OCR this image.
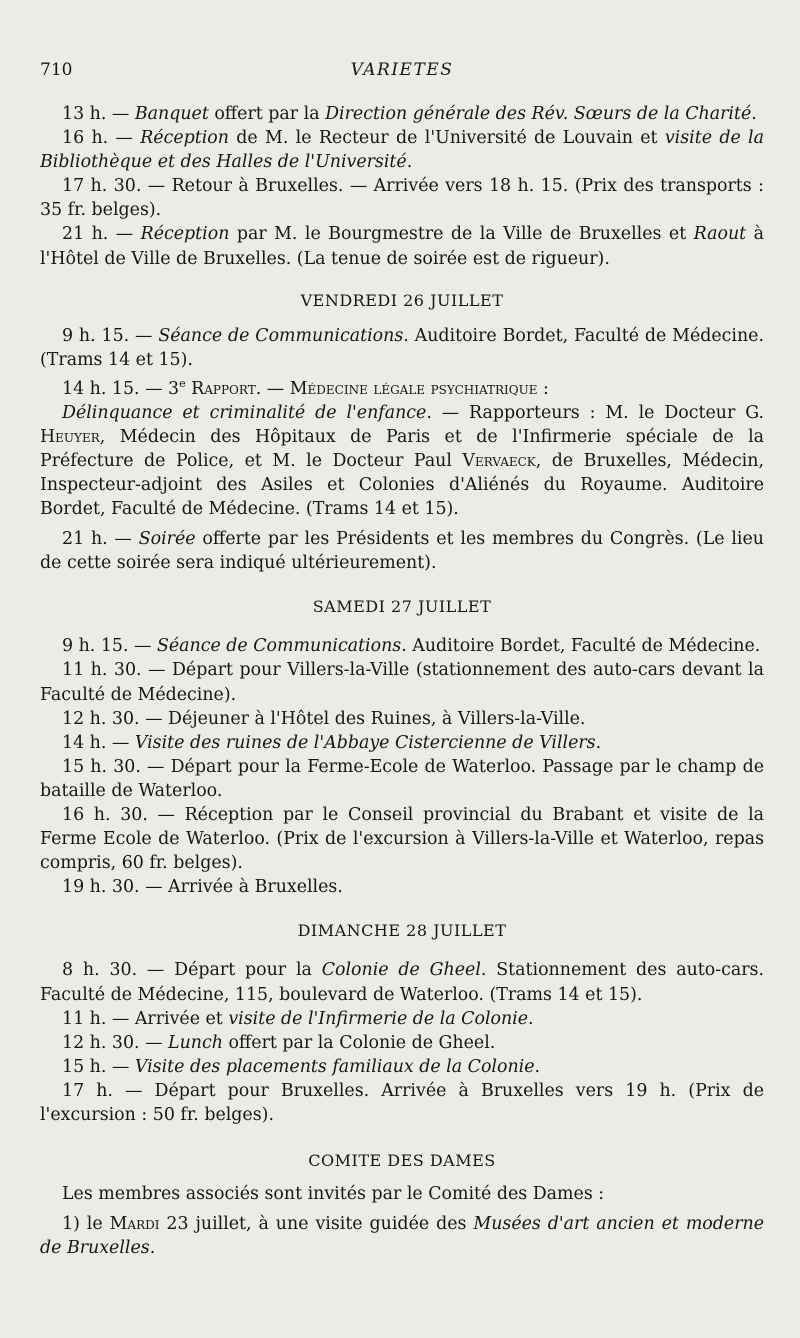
710	VARIETES

13 h. — Banquet offert par la Direction générale des Rév. Sœurs de la Charité.

16 h. — Réception de M. le Recteur de l'Université de Louvain et visite de la Bibliothèque et des Halles de l'Université.

17 h. 30. — Retour à Bruxelles. — Arrivée vers 18 h. 15. (Prix des transports : 35 fr. belges).

21 h. — Réception par M. le Bourgmestre de la Ville de Bruxelles et Raout à l'Hôtel de Ville de Bruxelles. (La tenue de soirée est de rigueur).

VENDREDI 26 JUILLET

9 h. 15. — Séance de Communications. Auditoire Bordet, Faculté de Médecine. (Trams 14 et 15).

14 h. 15. — 3e Rapport. — Médecine légale psychiatrique :

Délinquance et criminalité de l'enfance. — Rapporteurs : M. le Docteur G. Heuyer, Médecin des Hôpitaux de Paris et de l'Infirmerie spéciale de la Préfecture de Police, et M. le Docteur Paul Vervaeck, de Bruxelles, Médecin, Inspecteur-adjoint des Asiles et Colonies d'Aliénés du Royaume. Auditoire Bordet, Faculté de Médecine. (Trams 14 et 15).

21 h. — Soirée offerte par les Présidents et les membres du Congrès. (Le lieu de cette soirée sera indiqué ultérieurement).

SAMEDI 27 JUILLET

9 h. 15. — Séance de Communications. Auditoire Bordet, Faculté de Médecine.

11 h. 30. — Départ pour Villers-la-Ville (stationnement des auto-cars devant la Faculté de Médecine).

12 h. 30. — Déjeuner à l'Hôtel des Ruines, à Villers-la-Ville.

14 h. — Visite des ruines de l'Abbaye Cistercienne de Villers.

15 h. 30. — Départ pour la Ferme-Ecole de Waterloo. Passage par le champ de bataille de Waterloo.

16 h. 30. — Réception par le Conseil provincial du Brabant et visite de la Ferme Ecole de Waterloo. (Prix de l'excursion à Villers-la-Ville et Waterloo, repas compris, 60 fr. belges).

19 h. 30. — Arrivée à Bruxelles.

DIMANCHE 28 JUILLET

8 h. 30. — Départ pour la Colonie de Gheel. Stationnement des auto-cars. Faculté de Médecine, 115, boulevard de Waterloo. (Trams 14 et 15).

11 h. — Arrivée et visite de l'Infirmerie de la Colonie.

12 h. 30. — Lunch offert par la Colonie de Gheel.

15 h. — Visite des placements familiaux de la Colonie.

17 h. — Départ pour Bruxelles. Arrivée à Bruxelles vers 19 h. (Prix de l'excursion : 50 fr. belges).

COMITE DES DAMES

Les membres associés sont invités par le Comité des Dames :

1) le Mardi 23 juillet, à une visite guidée des Musées d'art ancien et moderne de Bruxelles.
